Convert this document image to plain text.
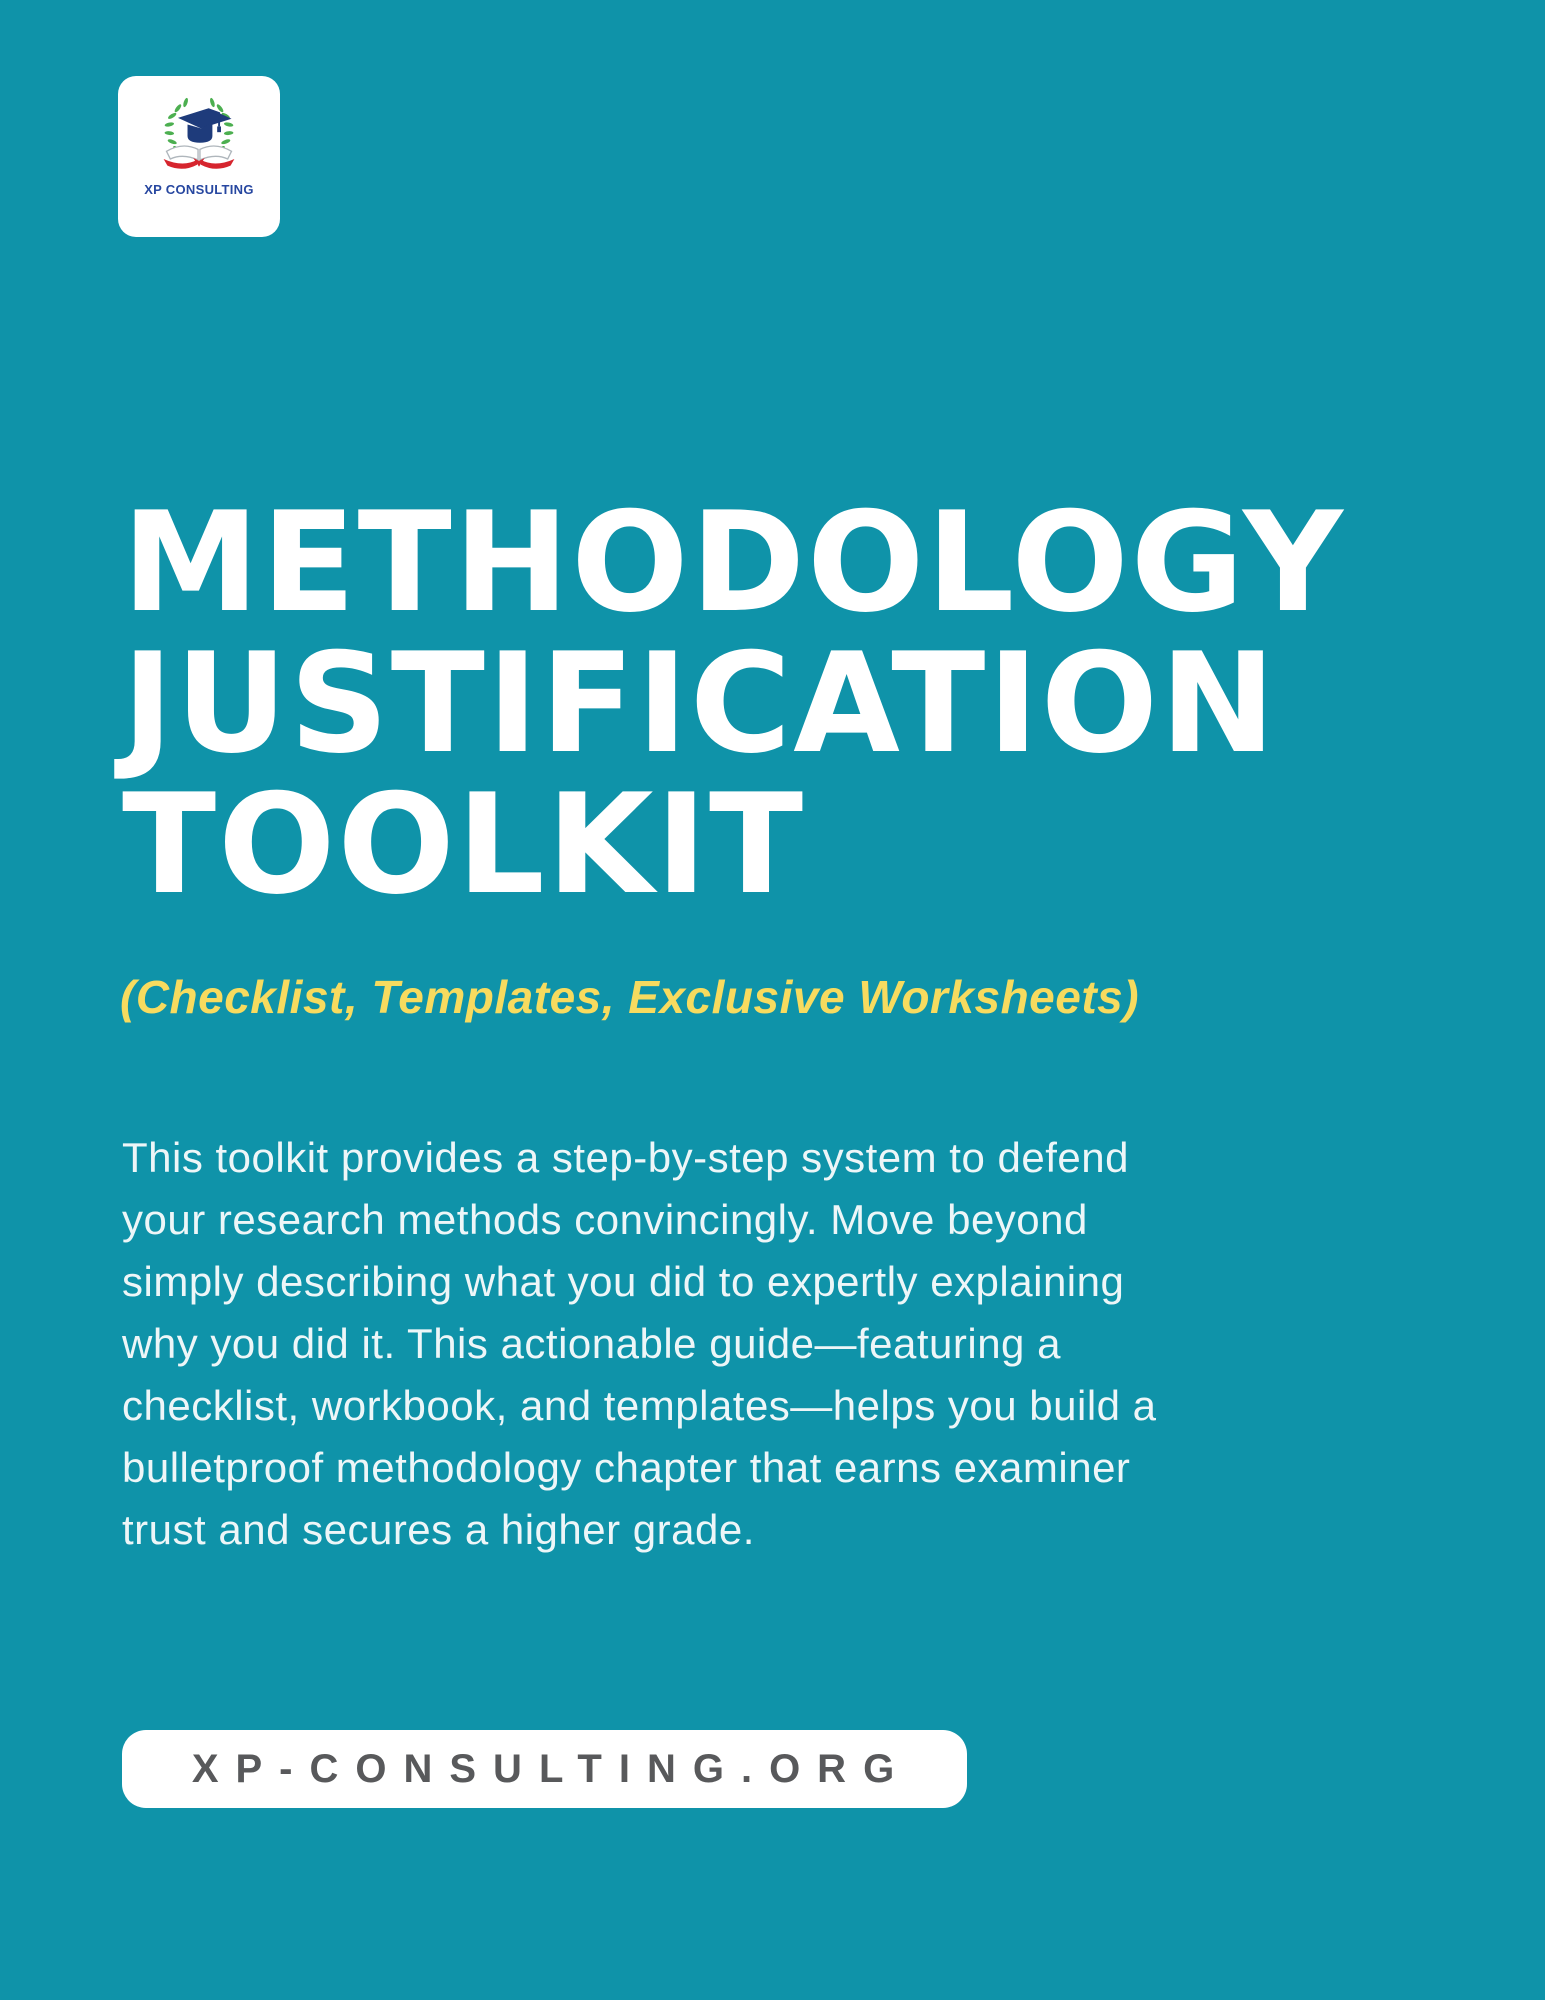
XP CONSULTING
METHODOLOGY
JUSTIFICATION
TOOLKIT
(Checklist, Templates, Exclusive Worksheets)
This toolkit provides a step-by-step system to defend
your research methods convincingly. Move beyond
simply describing what you did to expertly explaining
why you did it. This actionable guide—featuring a
checklist, workbook, and templates—helps you build a
bulletproof methodology chapter that earns examiner
trust and secures a higher grade.
XP-CONSULTING.ORG
